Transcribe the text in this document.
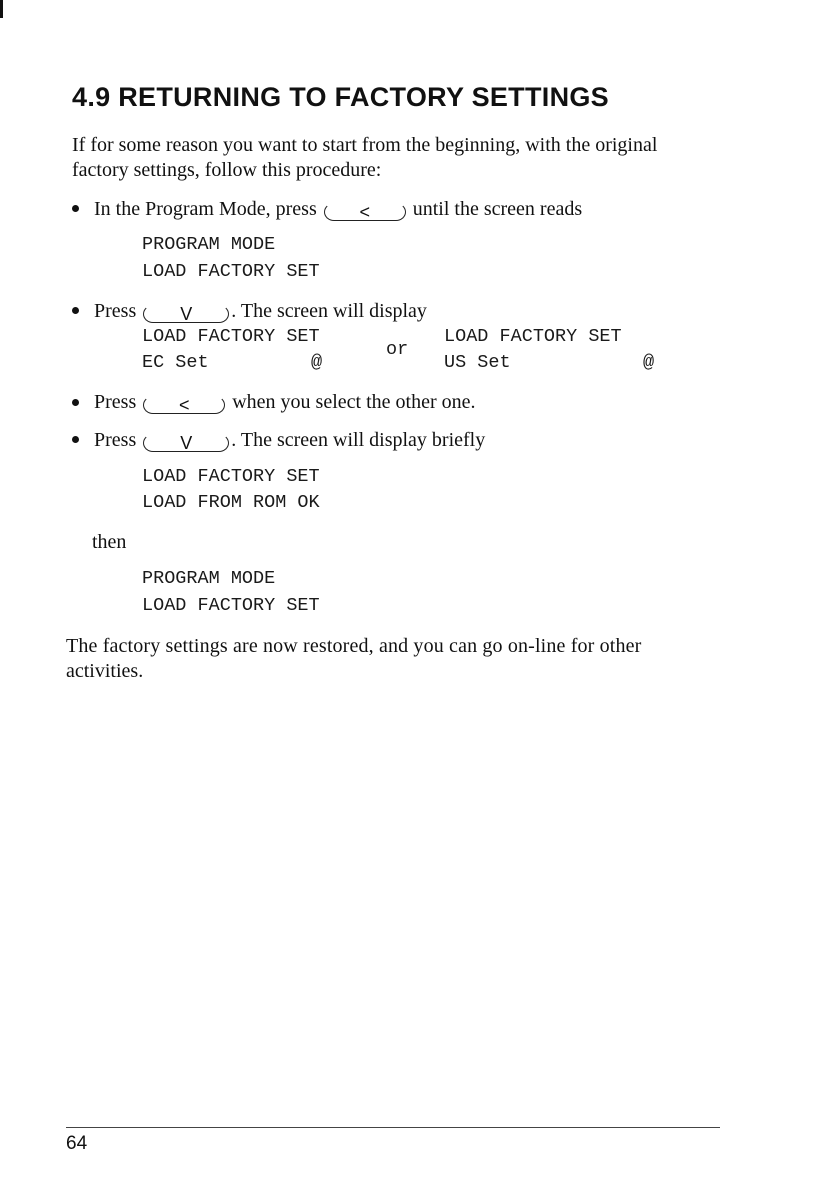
4.9 RETURNING TO FACTORY SETTINGS
If for some reason you want to start from the beginning, with the original
factory settings, follow this procedure:
In the Program Mode, press < until the screen reads
PROGRAM MODE
LOAD FACTORY SET
Press V . The screen will display
LOAD FACTORY SET
EC Set	@
or
LOAD FACTORY SET
US Set	@
Press < when you select the other one.
Press V . The screen will display briefly
LOAD FACTORY SET
LOAD FROM ROM OK
then
PROGRAM MODE
LOAD FACTORY SET
The factory settings are now restored, and you can go on-line for other
activities.
64
